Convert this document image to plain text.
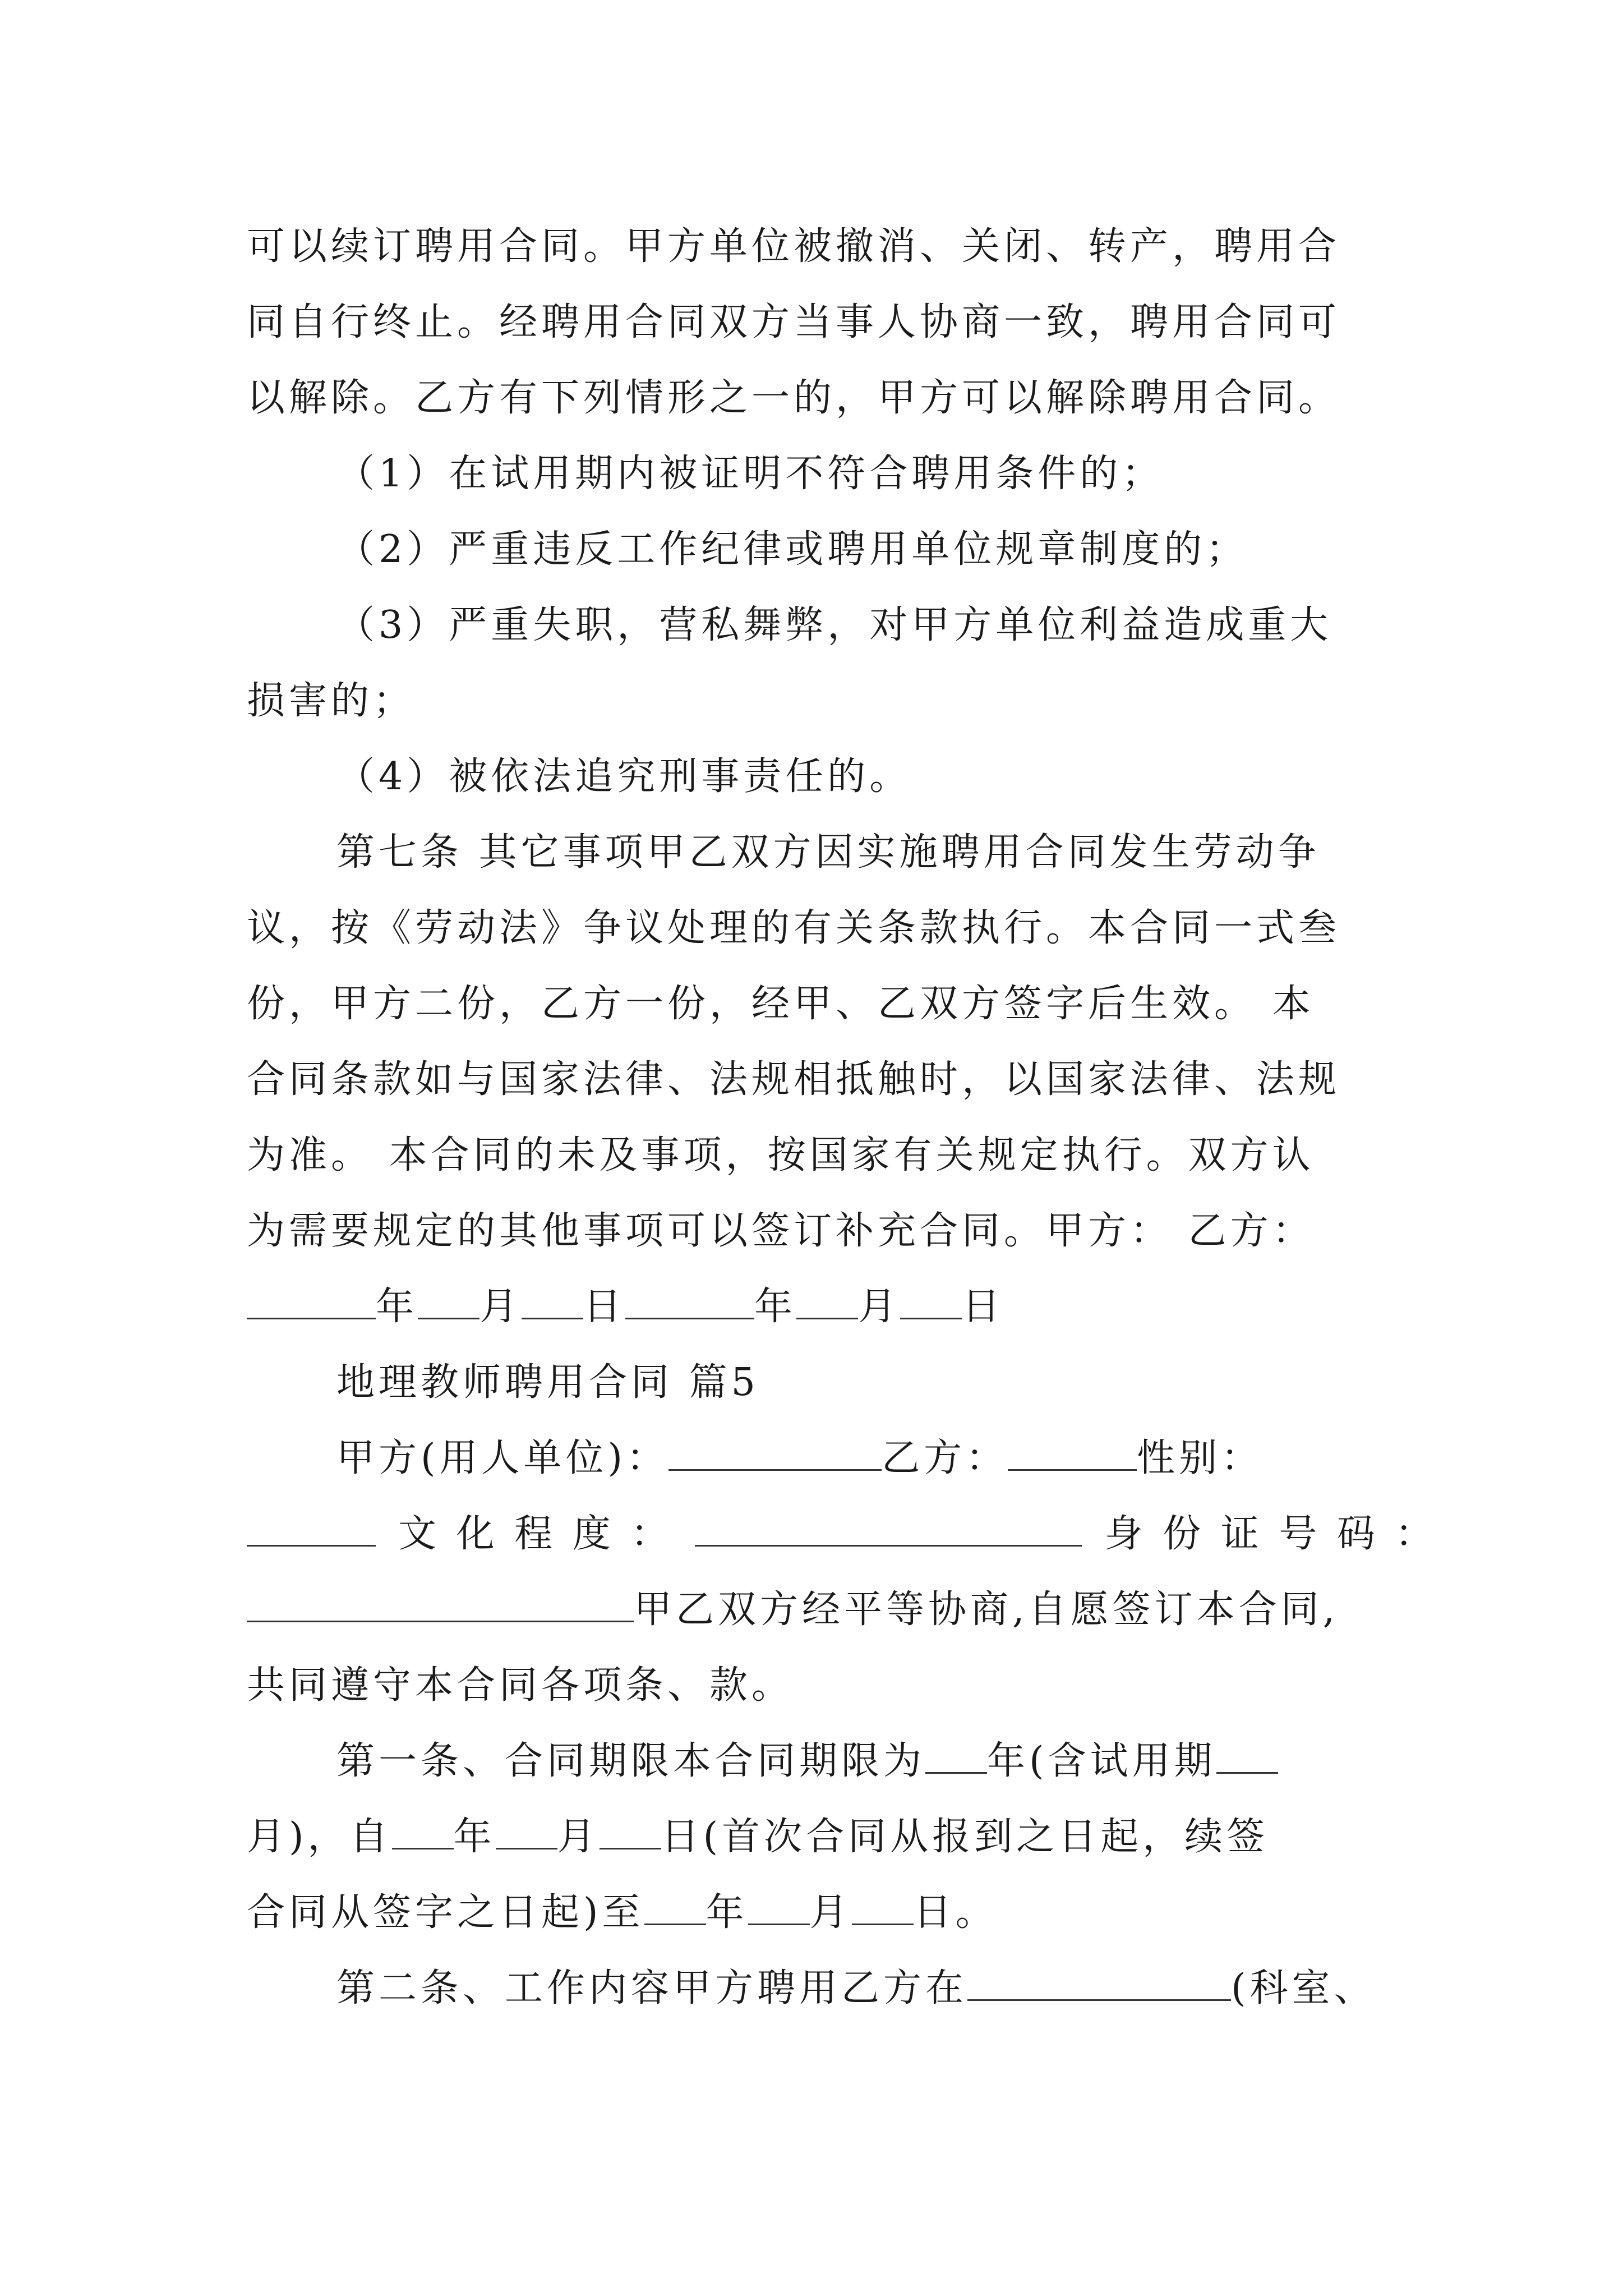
可以续订聘用合同。甲方单位被撤消、关闭、转产，聘用合
同自行终止。经聘用合同双方当事人协商一致，聘用合同可
以解除。乙方有下列情形之一的，甲方可以解除聘用合同。
（1）在试用期内被证明不符合聘用条件的；
（2）严重违反工作纪律或聘用单位规章制度的；
（3）严重失职，营私舞弊，对甲方单位利益造成重大
损害的；
（4）被依法追究刑事责任的。
第七条 其它事项甲乙双方因实施聘用合同发生劳动争
议，按《劳动法》争议处理的有关条款执行。本合同一式叁
份，甲方二份，乙方一份，经甲、乙双方签字后生效。 本
合同条款如与国家法律、法规相抵触时，以国家法律、法规
为准。 本合同的未及事项，按国家有关规定执行。双方认
为需要规定的其他事项可以签订补充合同。甲方： 乙方：
年 月 日	年 月 日
地理教师聘用合同 篇5
甲方(用人单位)：	乙方：	性别：
文 化 程 度 ：	身 份 证 号 码 ：
甲乙双方经平等协商,自愿签订本合同,
共同遵守本合同各项条、款。
第一条、合同期限本合同期限为 年(含试用期
月)，自 年 月 日(首次合同从报到之日起，续签
合同从签字之日起)至 年 月 日。
第二条、工作内容甲方聘用乙方在	(科室、
